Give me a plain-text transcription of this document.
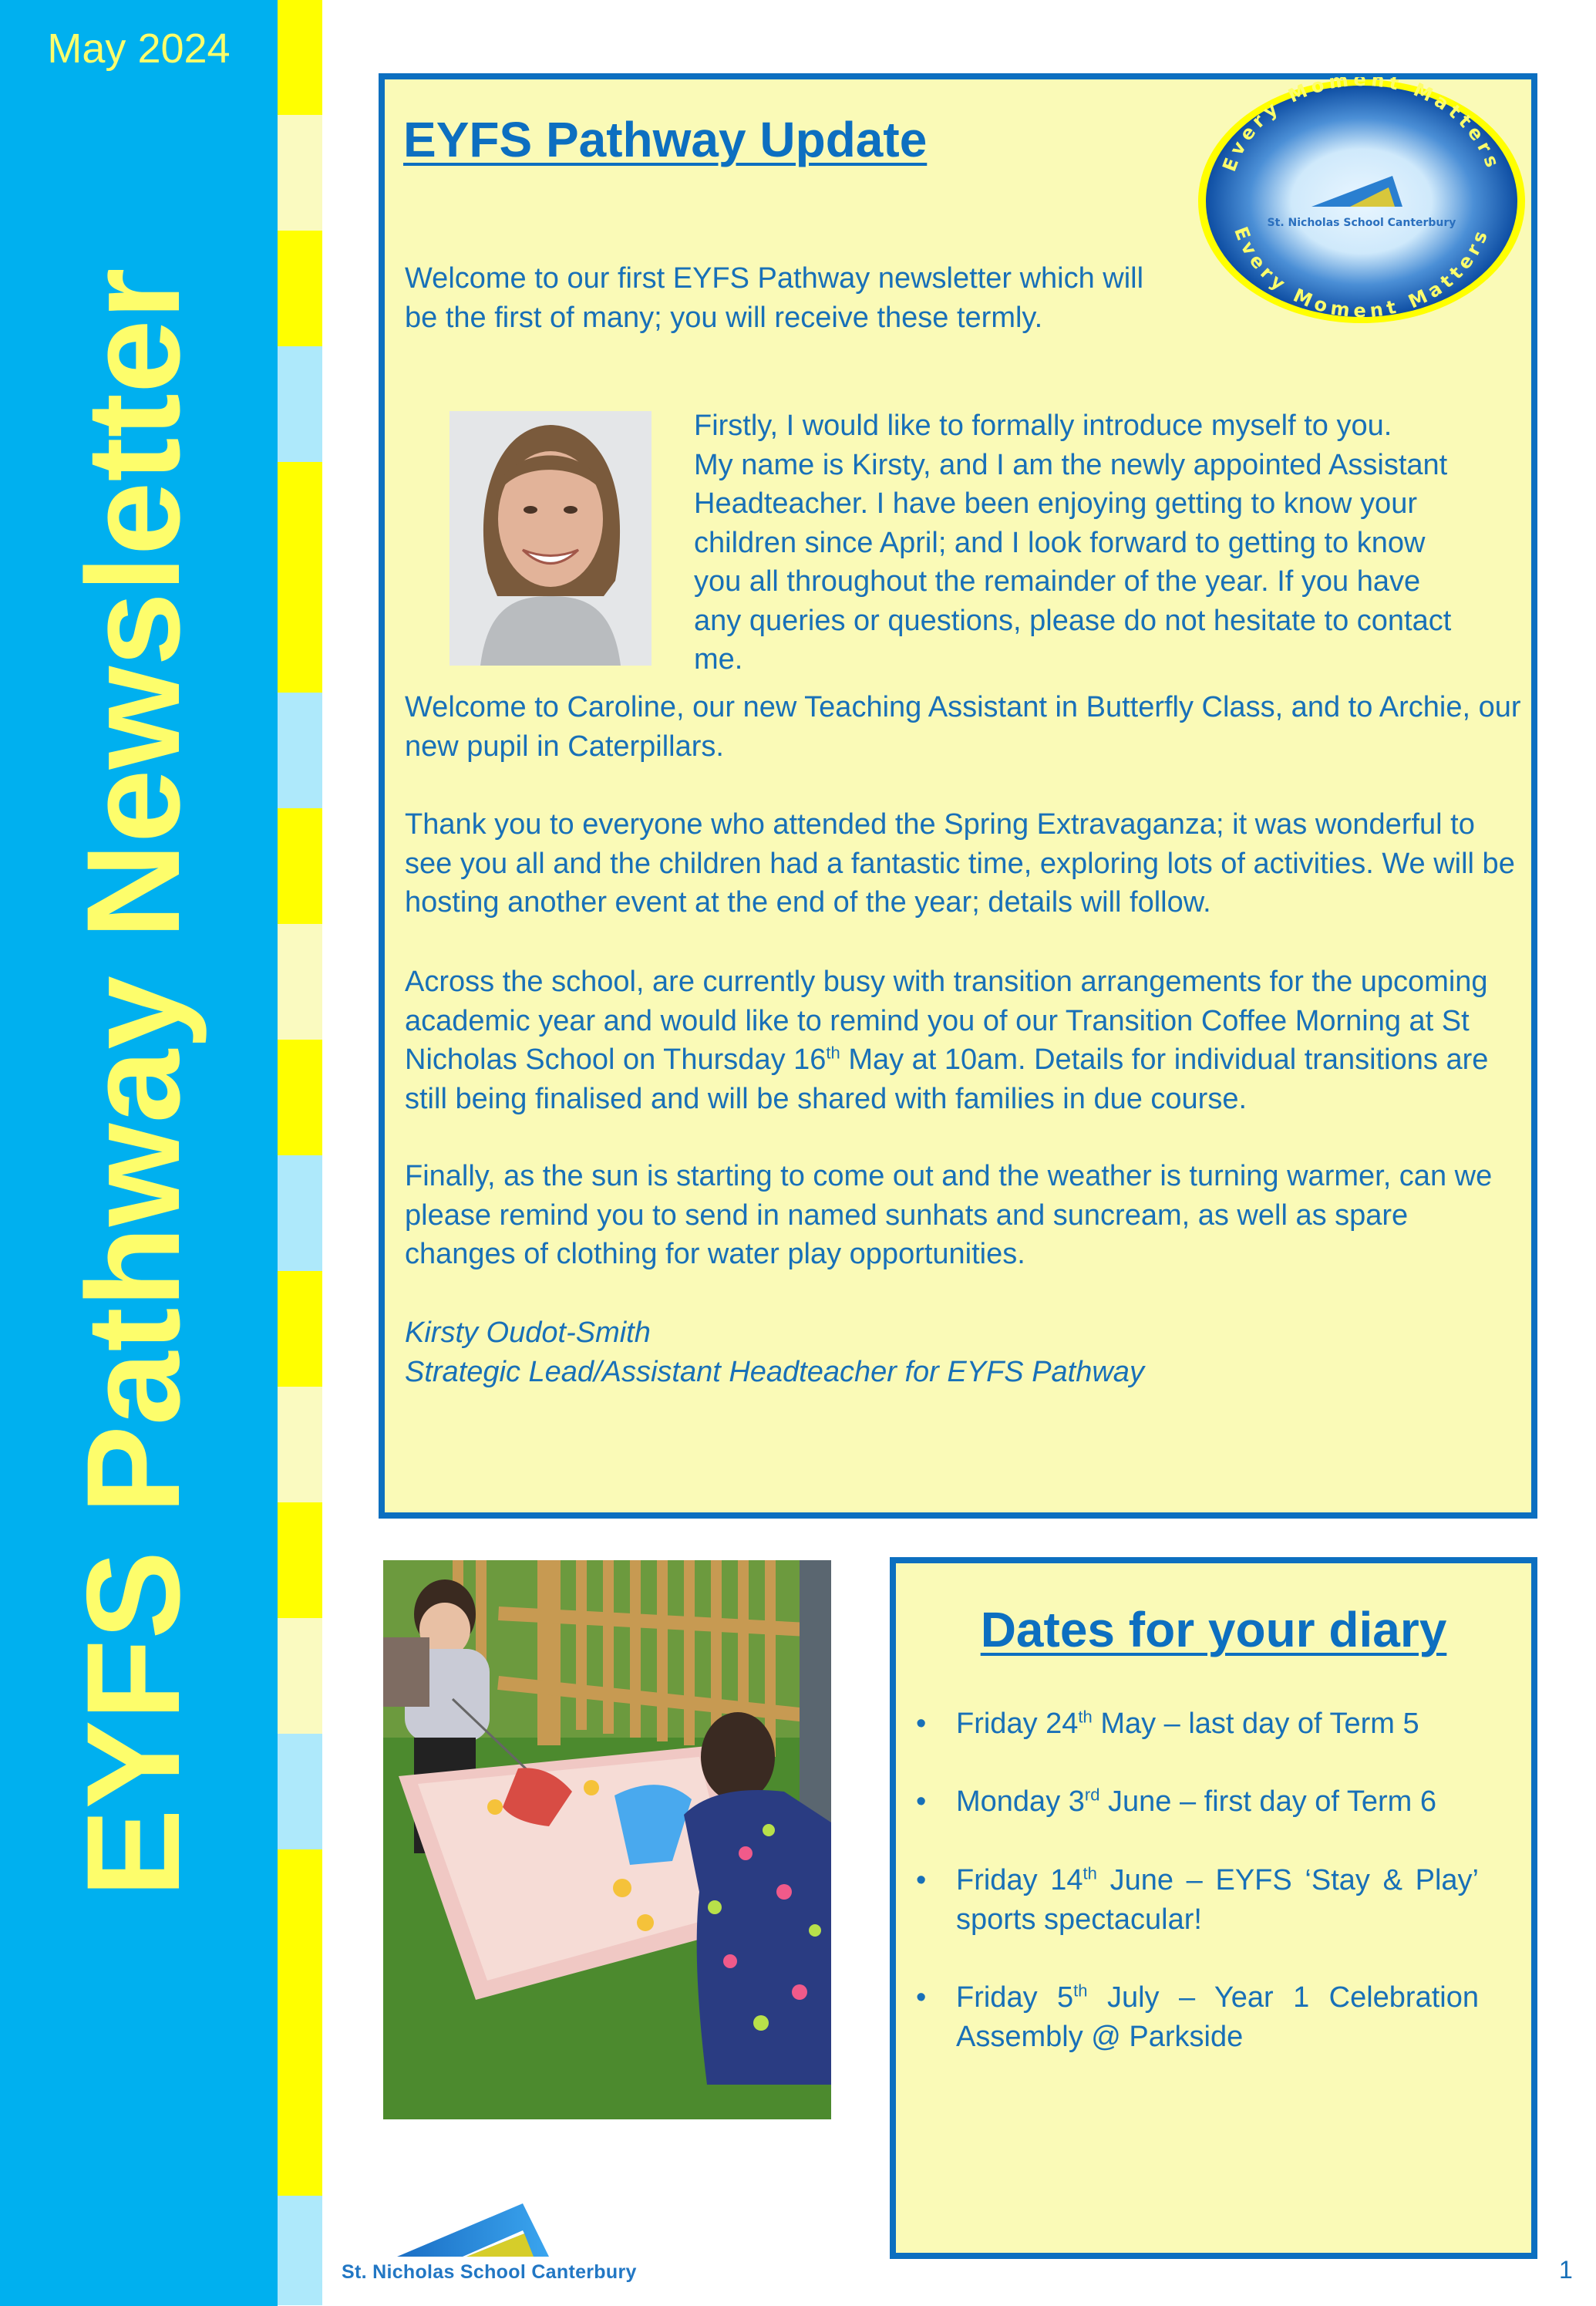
May 2024
EYFS Pathway Newsletter
EYFS Pathway Update	Every Moment Matters
Every Moment Matters
St. Nicholas School Canterbury

Welcome to our first EYFS Pathway newsletter which will be the first of many; you will receive these termly.

Firstly, I would like to formally introduce myself to you.
My name is Kirsty, and I am the newly appointed Assistant
Headteacher. I have been enjoying getting to know your
children since April; and I look forward to getting to know
you all throughout the remainder of the year. If you have
any queries or questions, please do not hesitate to contact
me.

Welcome to Caroline, our new Teaching Assistant in Butterfly Class, and to Archie, our new pupil in Caterpillars.

Thank you to everyone who attended the Spring Extravaganza; it was wonderful to see you all and the children had a fantastic time, exploring lots of activities. We will be hosting another event at the end of the year; details will follow.

Across the school, are currently busy with transition arrangements for the upcoming academic year and would like to remind you of our Transition Coffee Morning at St Nicholas School on Thursday 16th May at 10am. Details for individual transitions are still being finalised and will be shared with families in due course.

Finally, as the sun is starting to come out and the weather is turning warmer, can we please remind you to send in named sunhats and suncream, as well as spare changes of clothing for water play opportunities.

Kirsty Oudot-Smith

Strategic Lead/Assistant Headteacher for EYFS Pathway

Dates for your diary
• Friday 24th May – last day of Term 5
• Monday 3rd June – first day of Term 6
• Friday 14th June – EYFS ‘Stay & Play’ sports spectacular!
• Friday 5th July – Year 1 Celebration Assembly @ Parkside
St. Nicholas School Canterbury	1
